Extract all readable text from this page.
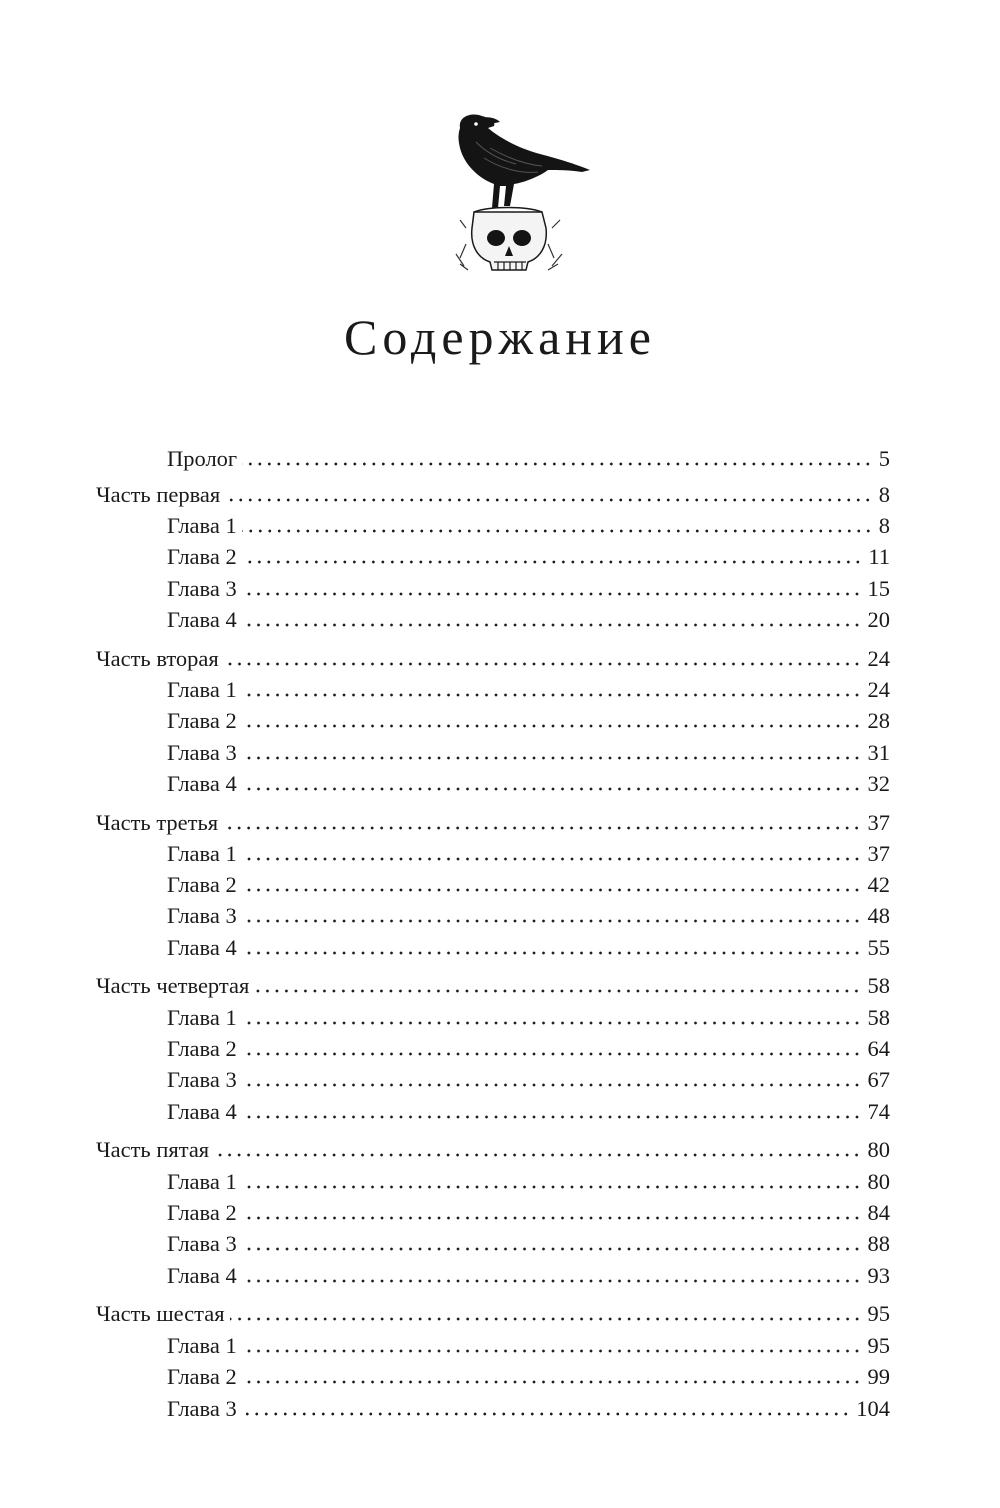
Содержание
Пролог	5
Часть первая	8
Глава 1	8
Глава 2	11
Глава 3	15
Глава 4	20
Часть вторая	24
Глава 1	24
Глава 2	28
Глава 3	31
Глава 4	32
Часть третья	37
Глава 1	37
Глава 2	42
Глава 3	48
Глава 4	55
Часть четвертая	58
Глава 1	58
Глава 2	64
Глава 3	67
Глава 4	74
Часть пятая	80
Глава 1	80
Глава 2	84
Глава 3	88
Глава 4	93
Часть шестая	95
Глава 1	95
Глава 2	99
Глава 3	104
